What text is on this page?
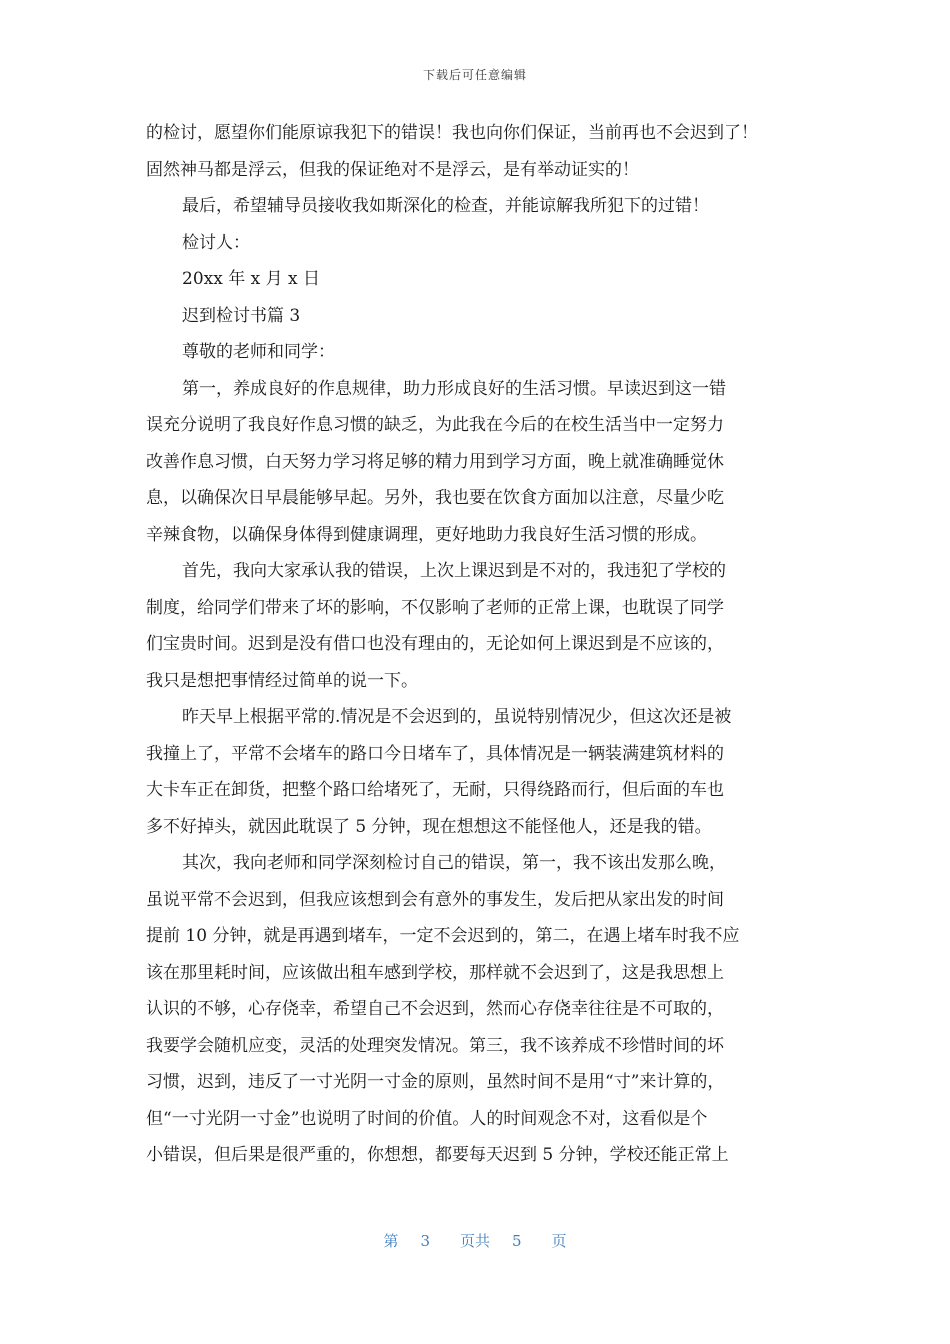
下载后可任意编辑
的检讨，愿望你们能原谅我犯下的错误！我也向你们保证，当前再也不会迟到了！
固然神马都是浮云，但我的保证绝对不是浮云，是有举动证实的！
最后，希望辅导员接收我如斯深化的检查，并能谅解我所犯下的过错！
检讨人：
20xx 年 x 月 x 日
迟到检讨书篇 3
尊敬的老师和同学：
第一，养成良好的作息规律，助力形成良好的生活习惯。早读迟到这一错
误充分说明了我良好作息习惯的缺乏，为此我在今后的在校生活当中一定努力
改善作息习惯，白天努力学习将足够的精力用到学习方面，晚上就准确睡觉休
息，以确保次日早晨能够早起。另外，我也要在饮食方面加以注意，尽量少吃
辛辣食物，以确保身体得到健康调理，更好地助力我良好生活习惯的形成。
首先，我向大家承认我的错误，上次上课迟到是不对的，我违犯了学校的
制度，给同学们带来了坏的影响，不仅影响了老师的正常上课，也耽误了同学
们宝贵时间。迟到是没有借口也没有理由的，无论如何上课迟到是不应该的，
我只是想把事情经过简单的说一下。
昨天早上根据平常的.情况是不会迟到的，虽说特别情况少，但这次还是被
我撞上了，平常不会堵车的路口今日堵车了，具体情况是一辆装满建筑材料的
大卡车正在卸货，把整个路口给堵死了，无耐，只得绕路而行，但后面的车也
多不好掉头，就因此耽误了 5 分钟，现在想想这不能怪他人，还是我的错。
其次，我向老师和同学深刻检讨自己的错误，第一，我不该出发那么晚，
虽说平常不会迟到，但我应该想到会有意外的事发生，发后把从家出发的时间
提前 10 分钟，就是再遇到堵车，一定不会迟到的，第二，在遇上堵车时我不应
该在那里耗时间，应该做出租车感到学校，那样就不会迟到了，这是我思想上
认识的不够，心存侥幸，希望自己不会迟到，然而心存侥幸往往是不可取的，
我要学会随机应变，灵活的处理突发情况。第三，我不该养成不珍惜时间的坏
习惯，迟到，违反了一寸光阴一寸金的原则，虽然时间不是用“寸”来计算的，
但“一寸光阴一寸金”也说明了时间的价值。人的时间观念不对，这看似是个
小错误，但后果是很严重的，你想想，都要每天迟到 5 分钟，学校还能正常上
第 3 页共 5 页
